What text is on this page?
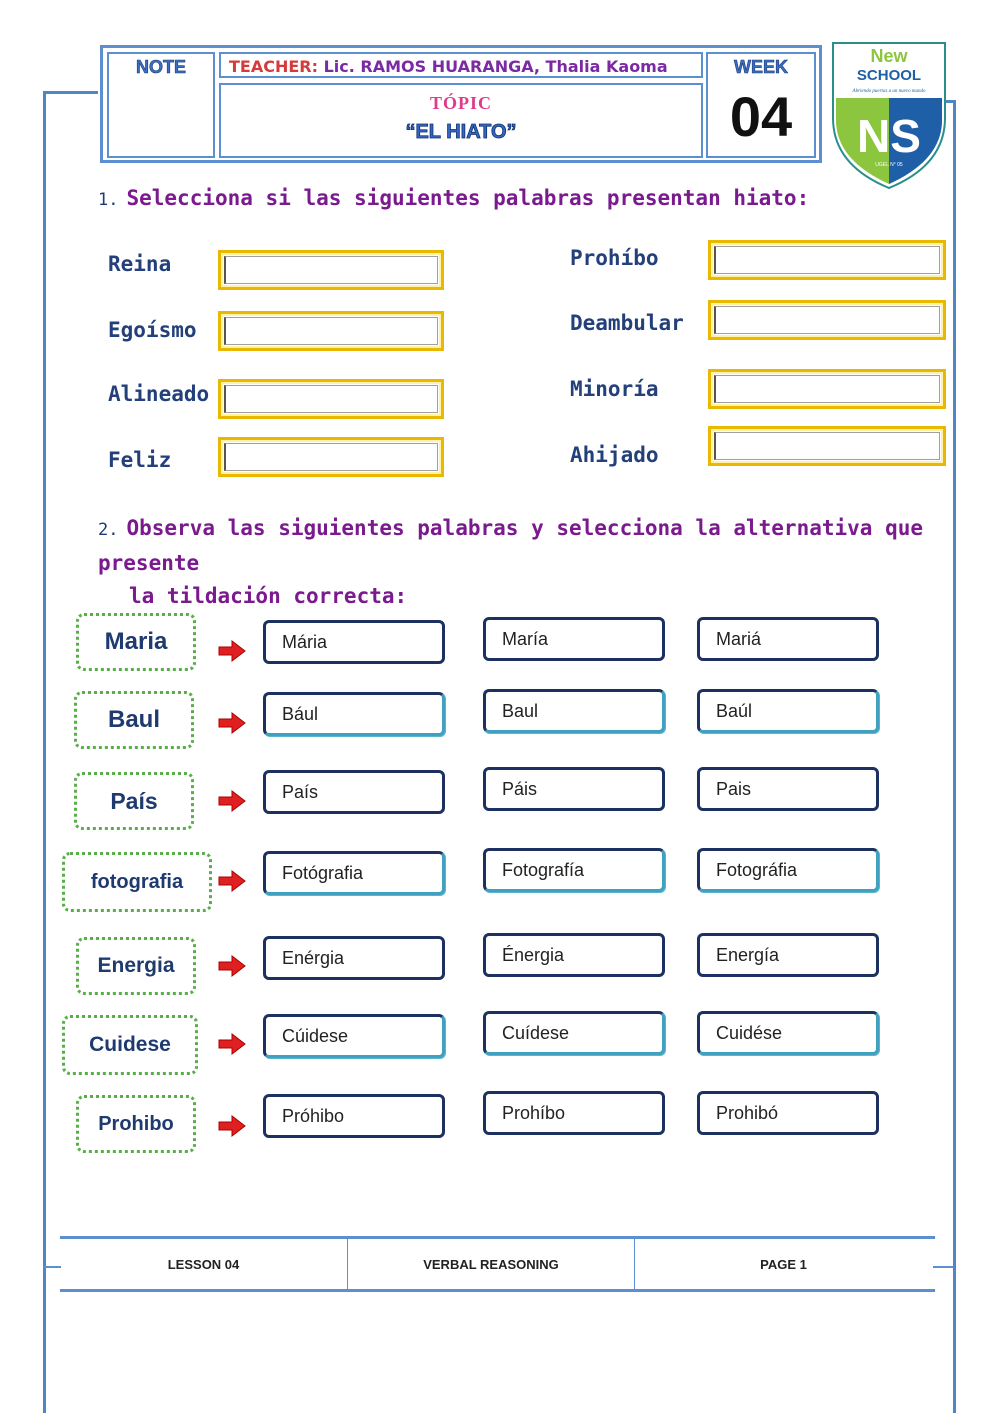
NOTE	TEACHER: Lic. RAMOS HUARANGA, Thalia Kaoma
TÓPIC
“EL HIATO”
WEEK
04
New
SCHOOL
Abriendo puertas a un nuevo mundo
NS
UGEL N° 05
1. Selecciona si las siguientes palabras presentan hiato:
Reina
Egoísmo
Alineado
Feliz
Prohíbo
Deambular
Minoría
Ahijado
2. Observa las siguientes palabras y selecciona la alternativa que presente
la tildación correcta:
Maria	Mária	María	Mariá
Baul	Bául	Baul	Baúl
País	País	Páis	Pais
fotografia	Fotógrafia	Fotografía	Fotográfia
Energia	Enérgia	Énergia	Energía
Cuidese	Cúidese	Cuídese	Cuidése
Prohibo	Próhibo	Prohíbo	Prohibó
LESSON 04	VERBAL REASONING	PAGE 1
